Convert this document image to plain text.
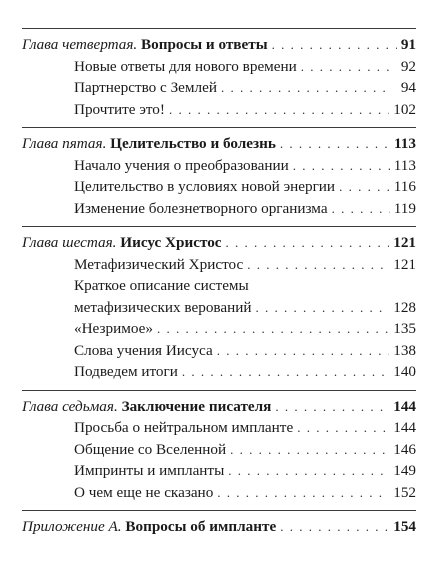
Глава четвертая. Вопросы и ответы . . .	91
Новые ответы для нового времени . . .	92
Партнерство с Землей . . .	94
Прочтите это! . . .	102
Глава пятая. Целительство и болезнь . . .	113
Начало учения о преобразовании . . .	113
Целительство в условиях новой энергии . . .	116
Изменение болезнетворного организма . . .	119
Глава шестая. Иисус Христос . . .	121
Метафизический Христос . . .	121
Краткое описание системы
метафизических верований . . .	128
«Незримое» . . .	135
Слова учения Иисуса . . .	138
Подведем итоги . . .	140
Глава седьмая. Заключение писателя . . .	144
Просьба о нейтральном импланте . . .	144
Общение со Вселенной . . .	146
Импринты и импланты . . .	149
О чем еще не сказано . . .	152
Приложение А. Вопросы об импланте . . .	154
